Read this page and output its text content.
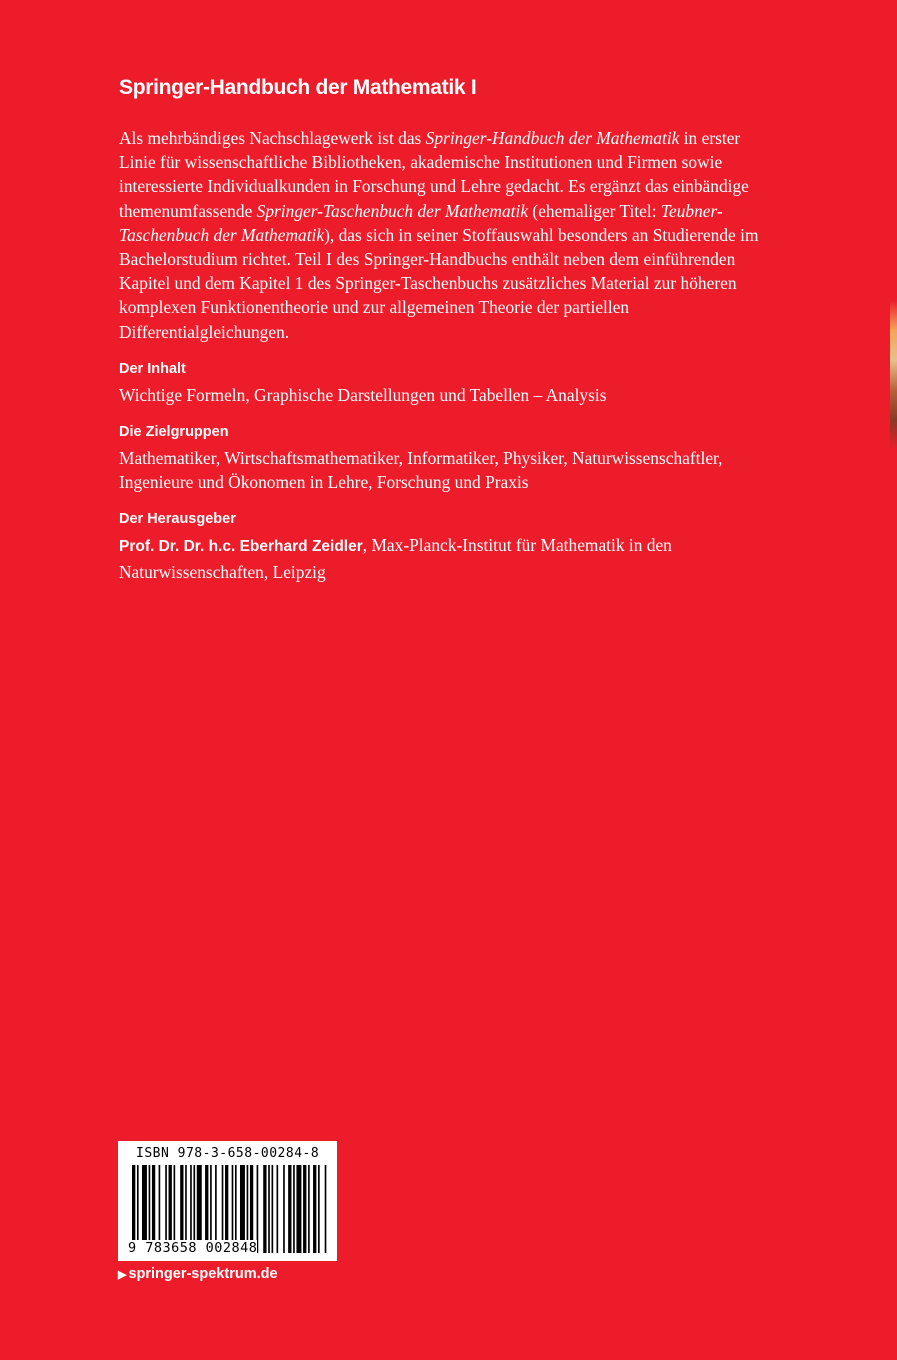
Springer-Handbuch der Mathematik I

Als mehrbändiges Nachschlagewerk ist das Springer-Handbuch der Mathematik in erster Linie für wissenschaftliche Bibliotheken, akademische Institutionen und Firmen sowie interessierte Individualkunden in Forschung und Lehre gedacht. Es ergänzt das einbändige themenumfassende Springer-Taschenbuch der Mathematik (ehemaliger Titel: Teubner-Taschenbuch der Mathematik), das sich in seiner Stoffauswahl besonders an Studierende im Bachelorstudium richtet. Teil I des Springer-Handbuchs enthält neben dem einführenden Kapitel und dem Kapitel 1 des Springer-Taschenbuchs zusätzliches Material zur höheren komplexen Funktionentheorie und zur allgemeinen Theorie der partiellen Differentialgleichungen.

Der Inhalt

Wichtige Formeln, Graphische Darstellungen und Tabellen – Analysis

Die Zielgruppen

Mathematiker, Wirtschaftsmathematiker, Informatiker, Physiker, Naturwissenschaftler, Ingenieure und Ökonomen in Lehre, Forschung und Praxis

Der Herausgeber

Prof. Dr. Dr. h.c. Eberhard Zeidler, Max-Planck-Institut für Mathematik in den Naturwissenschaften, Leipzig

ISBN 978-3-658-00284-8
9 783658 002848
▶ springer-spektrum.de
